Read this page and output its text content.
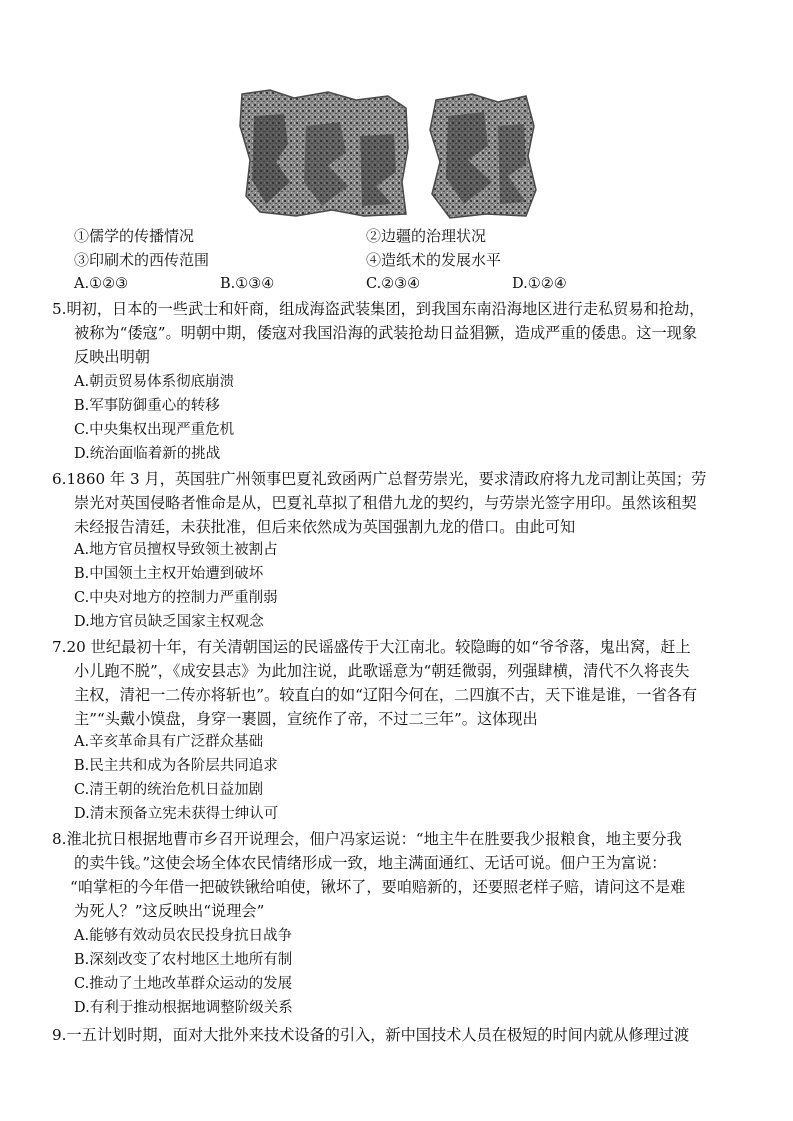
①儒学的传播情况	②边疆的治理状况
③印刷术的西传范围	④造纸术的发展水平
A.①②③	B.①③④	C.②③④	D.①②④
5.明初，日本的一些武士和奸商，组成海盗武装集团，到我国东南沿海地区进行走私贸易和抢劫，
被称为“倭寇”。明朝中期，倭寇对我国沿海的武装抢劫日益猖獗，造成严重的倭患。这一现象
反映出明朝
A.朝贡贸易体系彻底崩溃
B.军事防御重心的转移
C.中央集权出现严重危机
D.统治面临着新的挑战
6.1860 年 3 月，英国驻广州领事巴夏礼致函两广总督劳崇光，要求清政府将九龙司割让英国；劳
崇光对英国侵略者惟命是从，巴夏礼草拟了租借九龙的契约，与劳崇光签字用印。虽然该租契
未经报告清廷，未获批准，但后来依然成为英国强割九龙的借口。由此可知
A.地方官员擅权导致领土被割占
B.中国领土主权开始遭到破坏
C.中央对地方的控制力严重削弱
D.地方官员缺乏国家主权观念
7.20 世纪最初十年，有关清朝国运的民谣盛传于大江南北。较隐晦的如“爷爷落，鬼出窝，赶上
小儿跑不脱”，《成安县志》为此加注说，此歌谣意为“朝廷微弱，列强肆横，清代不久将丧失
主权，清祀一二传亦将斩也”。较直白的如“辽阳今何在，二四旗不古，天下谁是谁，一省各有
主”“头戴小馍盘，身穿一裹圆，宣统作了帝，不过二三年”。这体现出
A.辛亥革命具有广泛群众基础
B.民主共和成为各阶层共同追求
C.清王朝的统治危机日益加剧
D.清末预备立宪未获得士绅认可
8.淮北抗日根据地曹市乡召开说理会，佃户冯家运说：“地主牛在胜要我少报粮食，地主要分我
的卖牛钱。”这使会场全体农民情绪形成一致，地主满面通红、无话可说。佃户王为富说：
“咱掌柜的今年借一把破铁锹给咱使，锹坏了，要咱赔新的，还要照老样子赔，请问这不是难
为死人？”这反映出“说理会”
A.能够有效动员农民投身抗日战争
B.深刻改变了农村地区土地所有制
C.推动了土地改革群众运动的发展
D.有利于推动根据地调整阶级关系
9.一五计划时期，面对大批外来技术设备的引入，新中国技术人员在极短的时间内就从修理过渡
